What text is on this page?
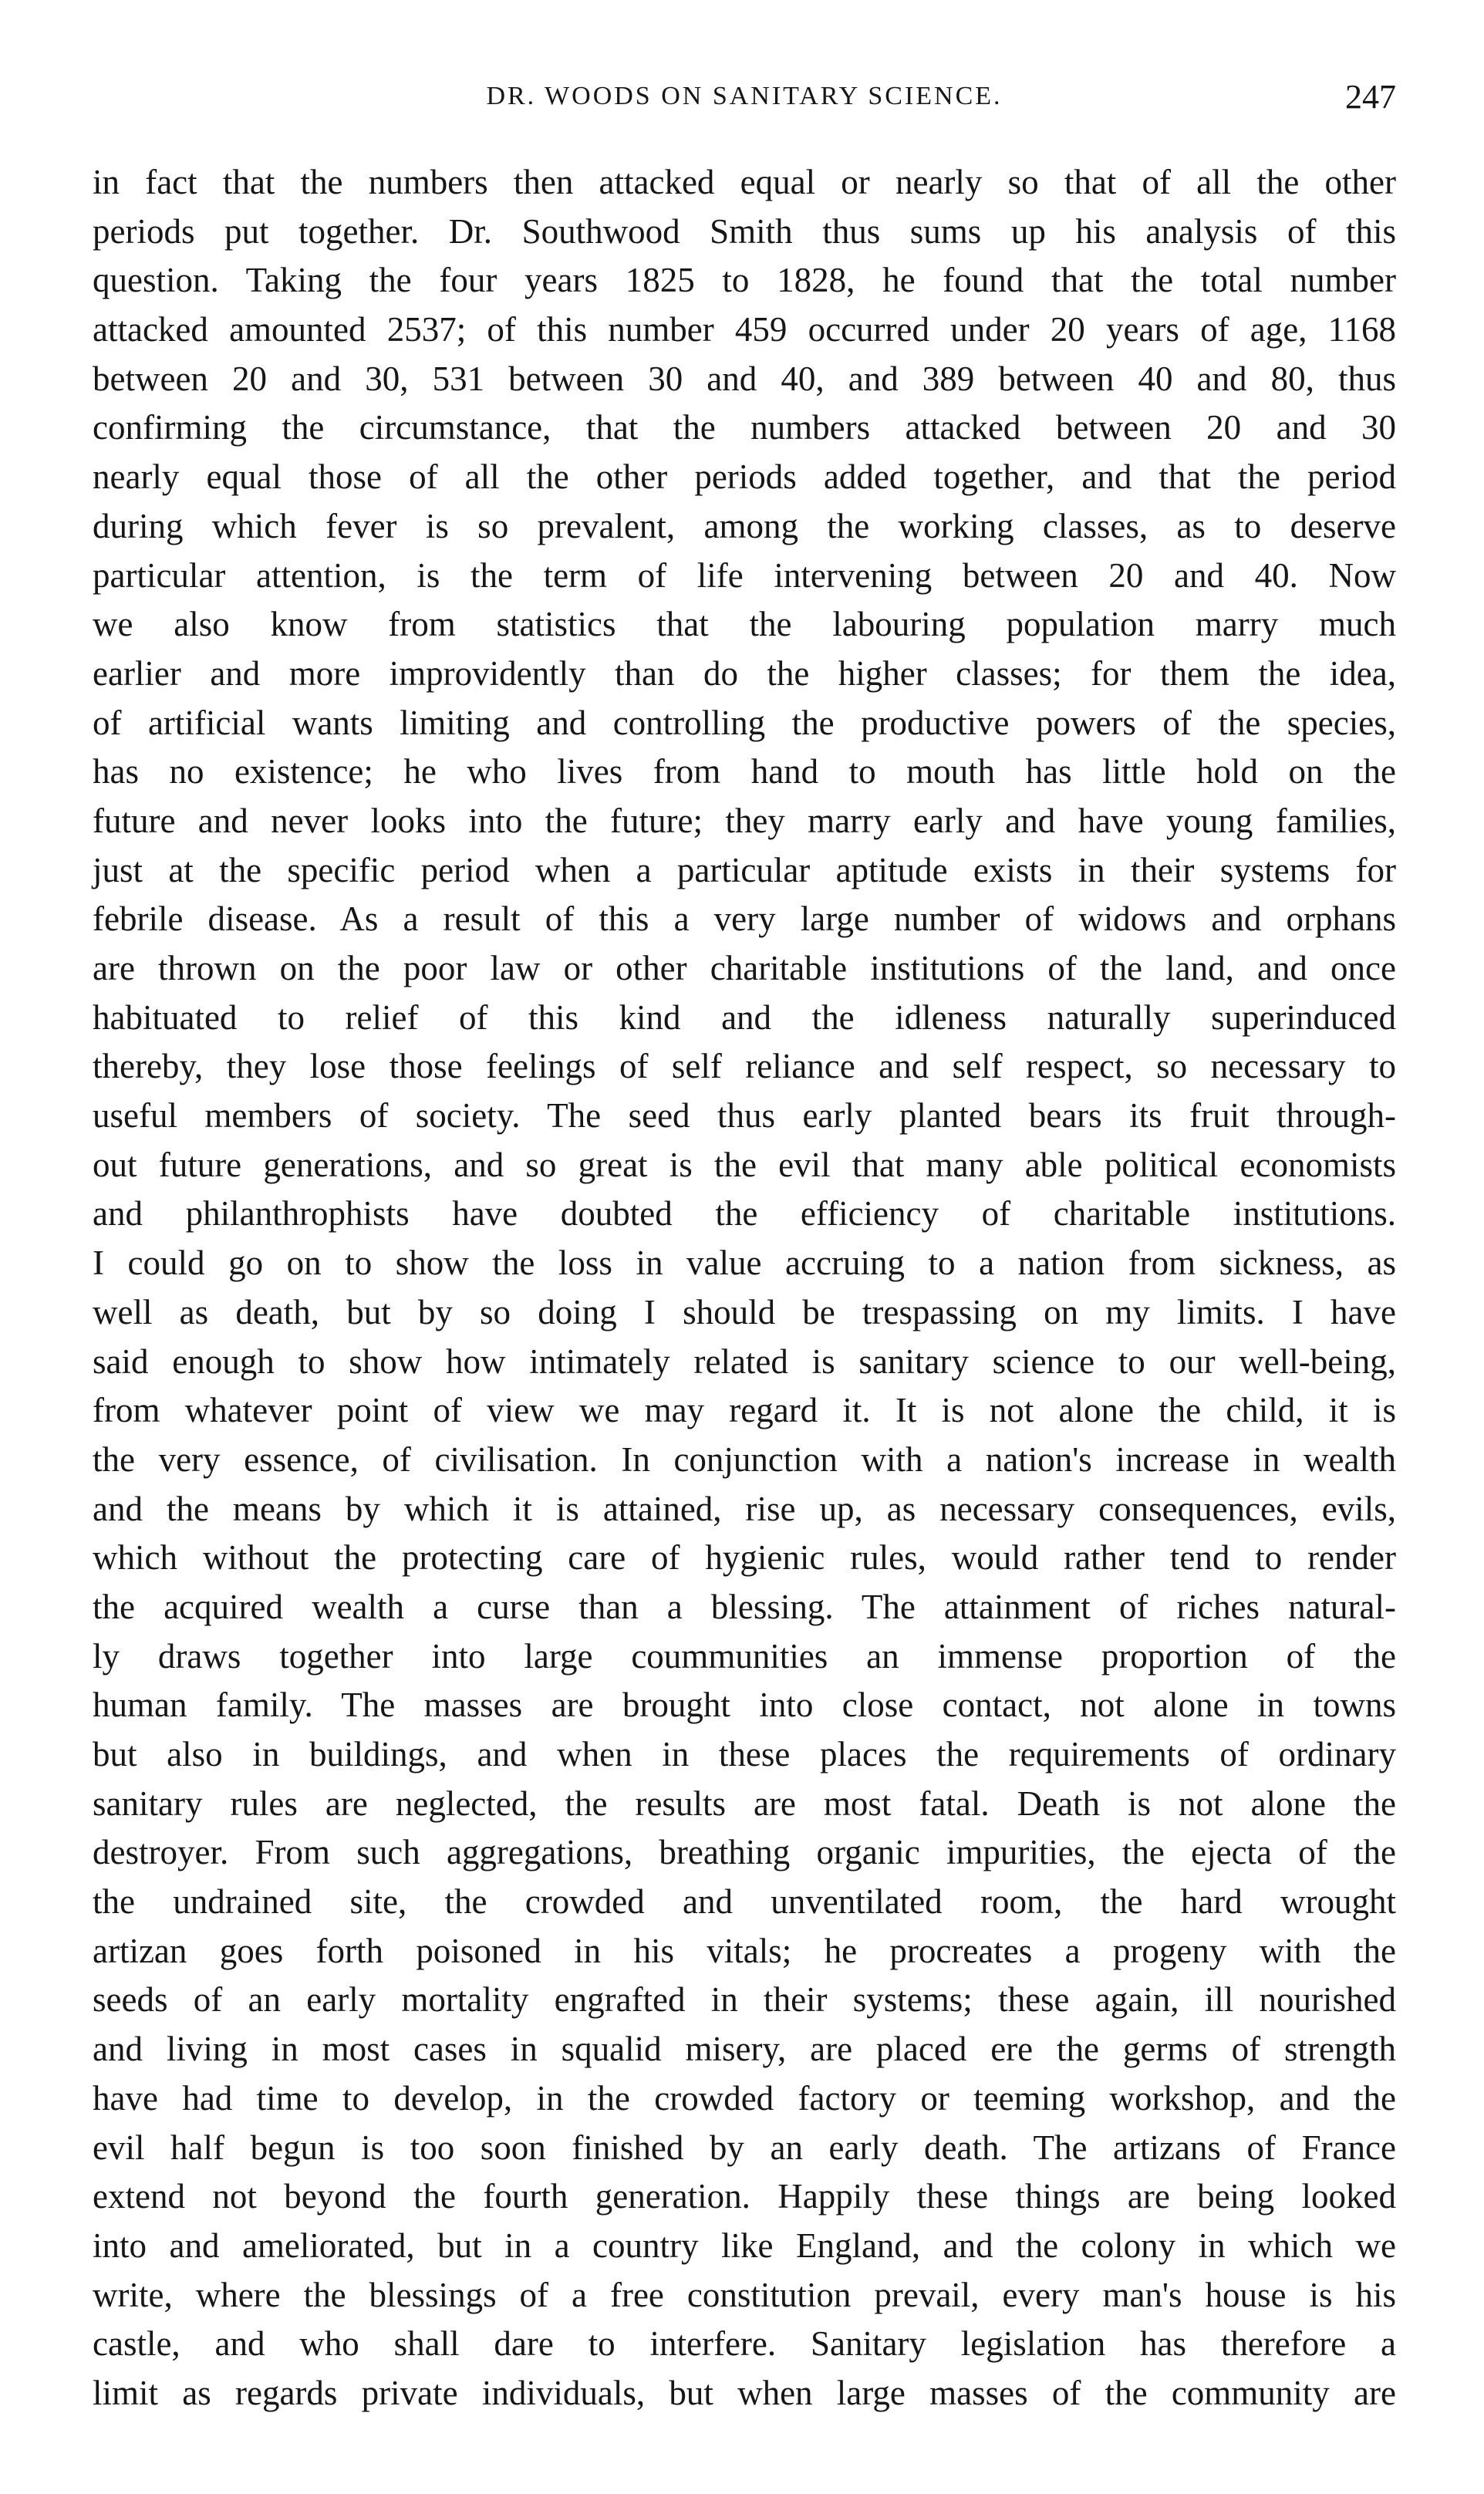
DR. WOODS ON SANITARY SCIENCE.	247
in fact that the numbers then attacked equal or nearly so that of all the other
periods put together. Dr. Southwood Smith thus sums up his analysis of this
question. Taking the four years 1825 to 1828, he found that the total number
attacked amounted 2537; of this number 459 occurred under 20 years of age, 1168
between 20 and 30, 531 between 30 and 40, and 389 between 40 and 80, thus
confirming the circumstance, that the numbers attacked between 20 and 30
nearly equal those of all the other periods added together, and that the period
during which fever is so prevalent, among the working classes, as to deserve
particular attention, is the term of life intervening between 20 and 40. Now
we also know from statistics that the labouring population marry much
earlier and more improvidently than do the higher classes; for them the idea,
of artificial wants limiting and controlling the productive powers of the species,
has no existence; he who lives from hand to mouth has little hold on the
future and never looks into the future; they marry early and have young families,
just at the specific period when a particular aptitude exists in their systems for
febrile disease. As a result of this a very large number of widows and orphans
are thrown on the poor law or other charitable institutions of the land, and once
habituated to relief of this kind and the idleness naturally superinduced
thereby, they lose those feelings of self reliance and self respect, so necessary to
useful members of society. The seed thus early planted bears its fruit through-
out future generations, and so great is the evil that many able political economists
and philanthrophists have doubted the efficiency of charitable institutions.
I could go on to show the loss in value accruing to a nation from sickness, as
well as death, but by so doing I should be trespassing on my limits. I have
said enough to show how intimately related is sanitary science to our well-being,
from whatever point of view we may regard it. It is not alone the child, it is
the very essence, of civilisation. In conjunction with a nation's increase in wealth
and the means by which it is attained, rise up, as necessary consequences, evils,
which without the protecting care of hygienic rules, would rather tend to render
the acquired wealth a curse than a blessing. The attainment of riches natural-
ly draws together into large coummunities an immense proportion of the
human family. The masses are brought into close contact, not alone in towns
but also in buildings, and when in these places the requirements of ordinary
sanitary rules are neglected, the results are most fatal. Death is not alone the
destroyer. From such aggregations, breathing organic impurities, the ejecta of the
the undrained site, the crowded and unventilated room, the hard wrought
artizan goes forth poisoned in his vitals; he procreates a progeny with the
seeds of an early mortality engrafted in their systems; these again, ill nourished
and living in most cases in squalid misery, are placed ere the germs of strength
have had time to develop, in the crowded factory or teeming workshop, and the
evil half begun is too soon finished by an early death. The artizans of France
extend not beyond the fourth generation. Happily these things are being looked
into and ameliorated, but in a country like England, and the colony in which we
write, where the blessings of a free constitution prevail, every man's house is his
castle, and who shall dare to interfere. Sanitary legislation has therefore a
limit as regards private individuals, but when large masses of the community are
